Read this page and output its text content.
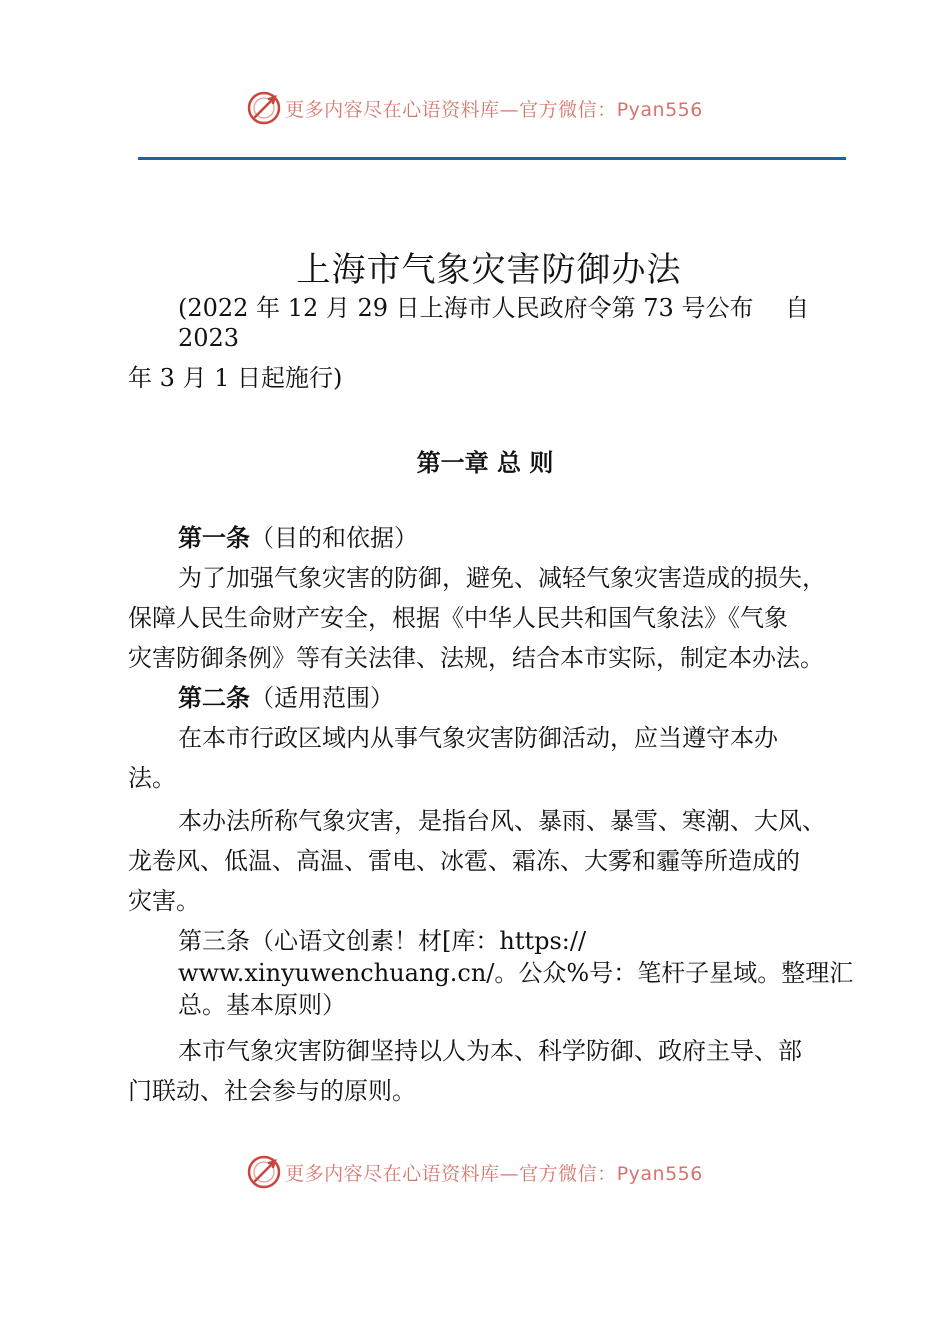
更多内容尽在心语资料库—官方微信：Pyan556
上海市气象灾害防御办法
(2022 年 12 月 29 日上海市人民政府令第 73 号公布　 自
2023
年 3 月 1 日起施行)
第一章 总 则
第一条（目的和依据）
为了加强气象灾害的防御，避免、减轻气象灾害造成的损失，
保障人民生命财产安全，根据《中华人民共和国气象法》《气象
灾害防御条例》等有关法律、法规，结合本市实际，制定本办法。
第二条（适用范围）
在本市行政区域内从事气象灾害防御活动，应当遵守本办
法。
本办法所称气象灾害，是指台风、暴雨、暴雪、寒潮、大风、
龙卷风、低温、高温、雷电、冰雹、霜冻、大雾和霾等所造成的
灾害。
第三条（心语文创素！材[库：https://
www.xinyuwenchuang.cn/。公众%号：笔杆子星域。整理汇
总。基本原则）
本市气象灾害防御坚持以人为本、科学防御、政府主导、部
门联动、社会参与的原则。
更多内容尽在心语资料库—官方微信：Pyan556
